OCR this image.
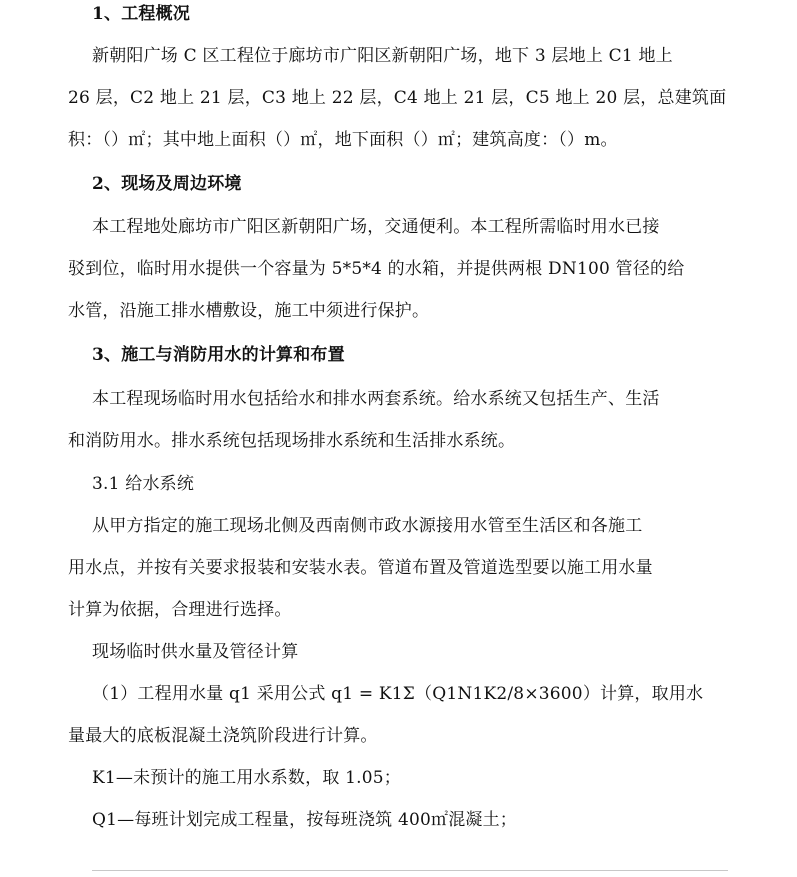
1、工程概况
新朝阳广场 C 区工程位于廊坊市广阳区新朝阳广场，地下 3 层地上 C1 地上
26 层，C2 地上 21 层，C3 地上 22 层，C4 地上 21 层，C5 地上 20 层，总建筑面
积：（）㎡；其中地上面积（）㎡，地下面积（）㎡；建筑高度：（）m。
2、现场及周边环境
本工程地处廊坊市广阳区新朝阳广场，交通便利。本工程所需临时用水已接
驳到位，临时用水提供一个容量为 5*5*4 的水箱，并提供两根 DN100 管径的给
水管，沿施工排水槽敷设，施工中须进行保护。
3、施工与消防用水的计算和布置
本工程现场临时用水包括给水和排水两套系统。给水系统又包括生产、生活
和消防用水。排水系统包括现场排水系统和生活排水系统。
3.1 给水系统
从甲方指定的施工现场北侧及西南侧市政水源接用水管至生活区和各施工
用水点，并按有关要求报装和安装水表。管道布置及管道选型要以施工用水量
计算为依据，合理进行选择。
现场临时供水量及管径计算
（1）工程用水量 q1 采用公式 q1 = K1Σ（Q1N1K2/8×3600）计算，取用水
量最大的底板混凝土浇筑阶段进行计算。
K1—未预计的施工用水系数，取 1.05；
Q1—每班计划完成工程量，按每班浇筑 400㎡混凝土；
